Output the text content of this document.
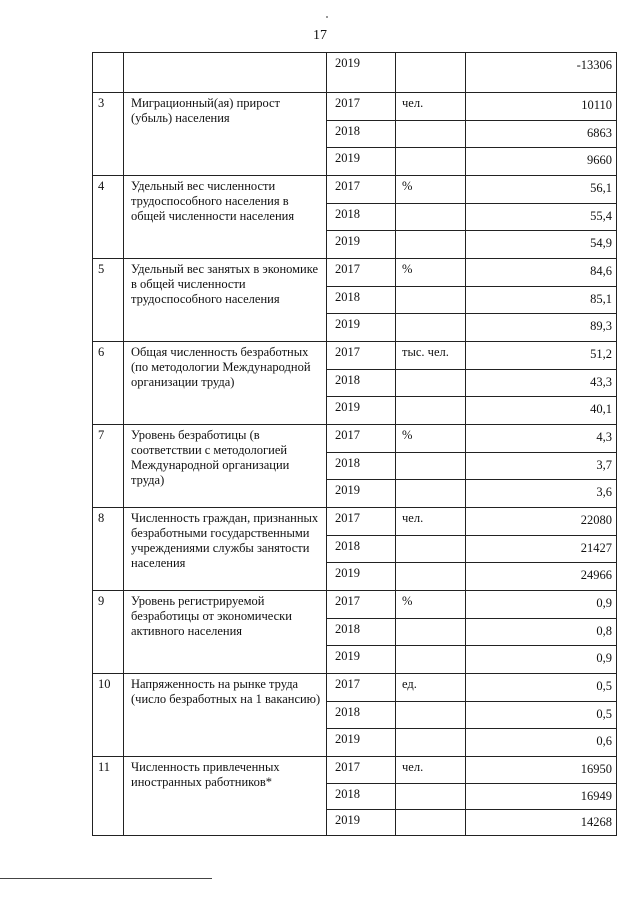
17
		2019		-13306
3	Миграционный(ая) прирост (убыль) населения	2017	чел.	10110
		2018		6863
		2019		9660
4	Удельный вес численности трудоспособного населения в общей численности населения	2017	%	56,1
		2018		55,4
		2019		54,9
5	Удельный вес занятых в экономике в общей численности трудоспособного населения	2017	%	84,6
		2018		85,1
		2019		89,3
6	Общая численность безработных (по методологии Международной организации труда)	2017	тыс. чел.	51,2
		2018		43,3
		2019		40,1
7	Уровень безработицы (в соответствии с методологией Международной организации труда)	2017	%	4,3
		2018		3,7
		2019		3,6
8	Численность граждан, признанных безработными государственными учреждениями службы занятости населения	2017	чел.	22080
		2018		21427
		2019		24966
9	Уровень регистрируемой безработицы от экономически активного населения	2017	%	0,9
		2018		0,8
		2019		0,9
10	Напряженность на рынке труда (число безработных на 1 вакансию)	2017	ед.	0,5
		2018		0,5
		2019		0,6
11	Численность привлеченных иностранных работников*	2017	чел.	16950
		2018		16949
		2019		14268
